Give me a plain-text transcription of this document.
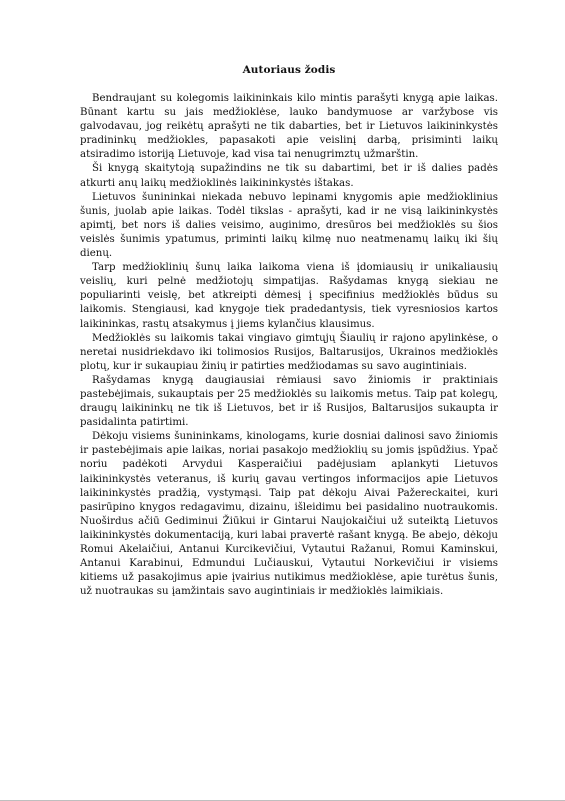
Autoriaus žodis

Bendraujant su kolegomis laikininkais kilo mintis parašyti knygą apie laikas. Būnant kartu su jais medžioklėse, lauko bandymuose ar varžybose vis galvodavau, jog reikėtų aprašyti ne tik dabarties, bet ir Lietuvos laikininkystės pradininkų medžiokles, papasakoti apie veislinį darbą, prisiminti laikų atsiradimo istoriją Lietuvoje, kad visa tai nenugrimztų užmarštin.

Ši knygą skaitytoją supažindins ne tik su dabartimi, bet ir iš dalies padės atkurti anų laikų medžioklinės laikininkystės ištakas.

Lietuvos šunininkai niekada nebuvo lepinami knygomis apie medžioklinius šunis, juolab apie laikas. Todėl tikslas - aprašyti, kad ir ne visą laikininkystės apimtį, bet nors iš dalies veisimo, auginimo, dresūros bei medžioklės su šios veislės šunimis ypatumus, priminti laikų kilmę nuo neatmenamų laikų iki šių dienų.

Tarp medžioklinių šunų laika laikoma viena iš įdomiausių ir unikaliausių veislių, kuri pelnė medžiotojų simpatijas. Rašydamas knygą siekiau ne populiarinti veislę, bet atkreipti dėmesį į specifinius medžioklės būdus su laikomis. Stengiausi, kad knygoje tiek pradedantysis, tiek vyresniosios kartos laikininkas, rastų atsakymus į jiems kylančius klausimus.

Medžioklės su laikomis takai vingiavo gimtųjų Šiaulių ir rajono apylinkėse, o neretai nusidriekdavo iki tolimosios Rusijos, Baltarusijos, Ukrainos medžioklės plotų, kur ir sukaupiau žinių ir patirties medžiodamas su savo augintiniais.

Rašydamas knygą daugiausiai rėmiausi savo žiniomis ir praktiniais pastebėjimais, sukauptais per 25 medžioklės su laikomis metus. Taip pat kolegų, draugų laikininkų ne tik iš Lietuvos, bet ir iš Rusijos, Baltarusijos sukaupta ir pasidalinta patirtimi.

Dėkoju visiems šunininkams, kinologams, kurie dosniai dalinosi savo žiniomis ir pastebėjimais apie laikas, noriai pasakojo medžioklių su jomis įspūdžius. Ypač noriu padėkoti Arvydui Kasperaičiui padėjusiam aplankyti Lietuvos laikininkystės veteranus, iš kurių gavau vertingos informacijos apie Lietuvos laikininkystės pradžią, vystymąsi. Taip pat dėkoju Aivai Pažereckaitei, kuri pasirūpino knygos redagavimu, dizainu, išleidimu bei pasidalino nuotraukomis. Nuoširdus ačiū Gediminui Žiūkui ir Gintarui Naujokaičiui už suteiktą Lietuvos laikininkystės dokumentaciją, kuri labai pravertė rašant knygą. Be abejo, dėkoju Romui Akelaičiui, Antanui Kurcikevičiui, Vytautui Ražanui, Romui Kaminskui, Antanui Karabinui, Edmundui Lučiauskui, Vytautui Norkevičiui ir visiems kitiems už pasakojimus apie įvairius nutikimus medžioklėse, apie turėtus šunis, už nuotraukas su įamžintais savo augintiniais ir medžioklės laimikiais.
